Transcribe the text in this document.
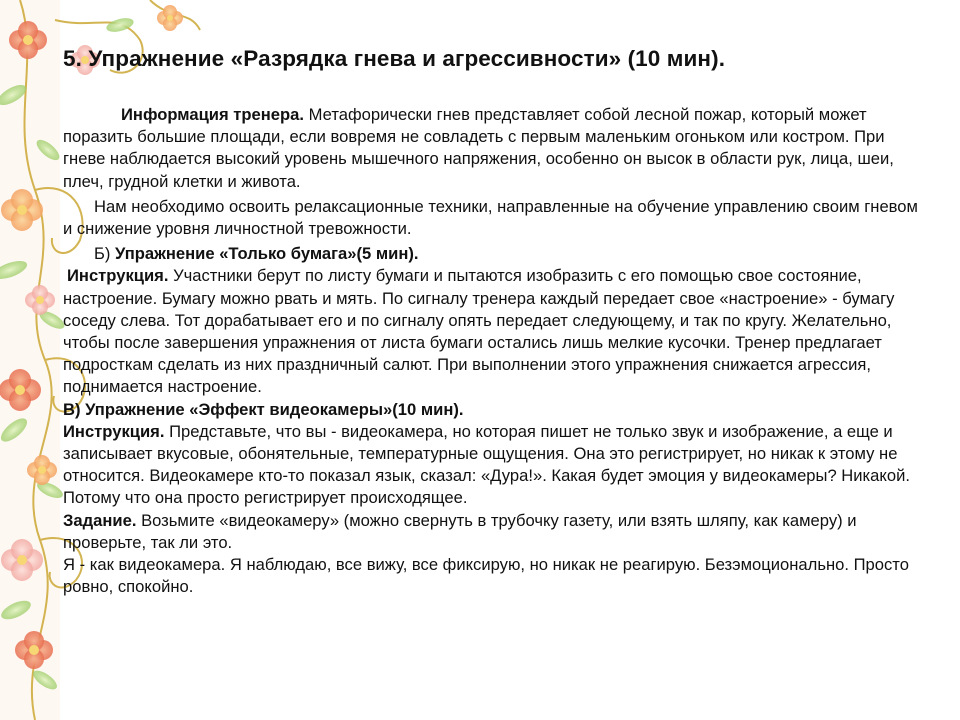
5. Упражнение «Разрядка гнева и агрессивности» (10 мин).

Информация тренера. Метафорически гнев представляет собой лесной пожар, который может поразить большие площади, если вовремя не совладеть с первым маленьким огоньком или костром. При гневе наблюдается высокий уровень мышечного напряжения, особенно он высок в области рук, лица, шеи, плеч, грудной клетки и живота.

Нам необходимо освоить релаксационные техники, направленные на обучение управлению своим гневом и снижение уровня личностной тревожности.

Б) Упражнение «Только бумага»(5 мин).

Инструкция. Участники берут по листу бумаги и пытаются изобразить с его помощью свое состояние, настроение. Бумагу можно рвать и мять. По сигналу тренера каждый передает свое «настроение» - бумагу соседу слева. Тот дорабатывает его и по сигналу опять передает следующему, и так по кругу. Желательно, чтобы после завершения упражнения от листа бумаги остались лишь мелкие кусочки. Тренер предлагает подросткам сделать из них праздничный салют. При выполнении этого упражнения снижается агрессия, поднимается настроение.

В) Упражнение «Эффект видеокамеры»(10 мин).

Инструкция. Представьте, что вы - видеокамера, но которая пишет не только звук и изображение, а еще и записывает вкусовые, обонятельные, температурные ощущения. Она это регистрирует, но никак к этому не относится. Видеокамере кто-то показал язык, сказал: «Дура!». Какая будет эмоция у видеокамеры? Никакой. Потому что она просто регистрирует происходящее.

Задание. Возьмите «видеокамеру» (можно свернуть в трубочку газету, или взять шляпу, как камеру) и проверьте, так ли это.

Я - как видеокамера. Я наблюдаю, все вижу, все фиксирую, но никак не реагирую. Безэмоционально. Просто ровно, спокойно.
